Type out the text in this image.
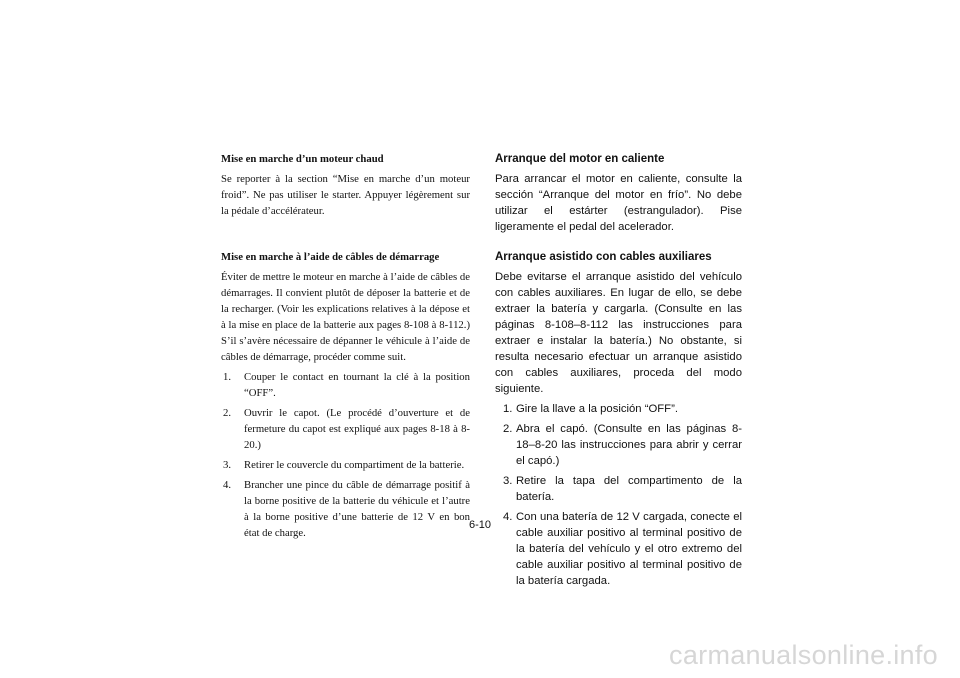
Mise en marche d’un moteur chaud

Se reporter à la section “Mise en marche d’un moteur froid”. Ne pas utiliser le starter. Appuyer légèrement sur la pédale d’accélérateur.

Mise en marche à l’aide de câbles de démarrage

Éviter de mettre le moteur en marche à l’aide de câbles de démarrages. Il convient plutôt de déposer la batterie et de la recharger. (Voir les explications relatives à la dépose et à la mise en place de la batterie aux pages 8-108 à 8-112.) S’il s’avère nécessaire de dépanner le véhicule à l’aide de câbles de démarrage, procéder comme suit.

1. Couper le contact en tournant la clé à la position “OFF”.
2. Ouvrir le capot. (Le procédé d’ouverture et de fermeture du capot est expliqué aux pages 8-18 à 8-20.)
3. Retirer le couvercle du compartiment de la batterie.
4. Brancher une pince du câble de démarrage positif à la borne positive de la batterie du véhicule et l’autre à la borne positive d’une batterie de 12 V en bon état de charge.
Arranque del motor en caliente

Para arrancar el motor en caliente, consulte la sección “Arranque del motor en frío”. No debe utilizar el estárter (estrangulador). Pise ligeramente el pedal del acelerador.

Arranque asistido con cables auxiliares

Debe evitarse el arranque asistido del vehículo con cables auxiliares. En lugar de ello, se debe extraer la batería y cargarla. (Consulte en las páginas 8-108–8-112 las instrucciones para extraer e instalar la batería.) No obstante, si resulta necesario efectuar un arranque asistido con cables auxiliares, proceda del modo siguiente.

1. Gire la llave a la posición “OFF”.
2. Abra el capó. (Consulte en las páginas 8-18–8-20 las instrucciones para abrir y cerrar el capó.)
3. Retire la tapa del compartimento de la batería.
4. Con una batería de 12 V cargada, conecte el cable auxiliar positivo al terminal positivo de la batería del vehículo y el otro extremo del cable auxiliar positivo al terminal positivo de la batería cargada.
6-10
carmanualsonline.info
